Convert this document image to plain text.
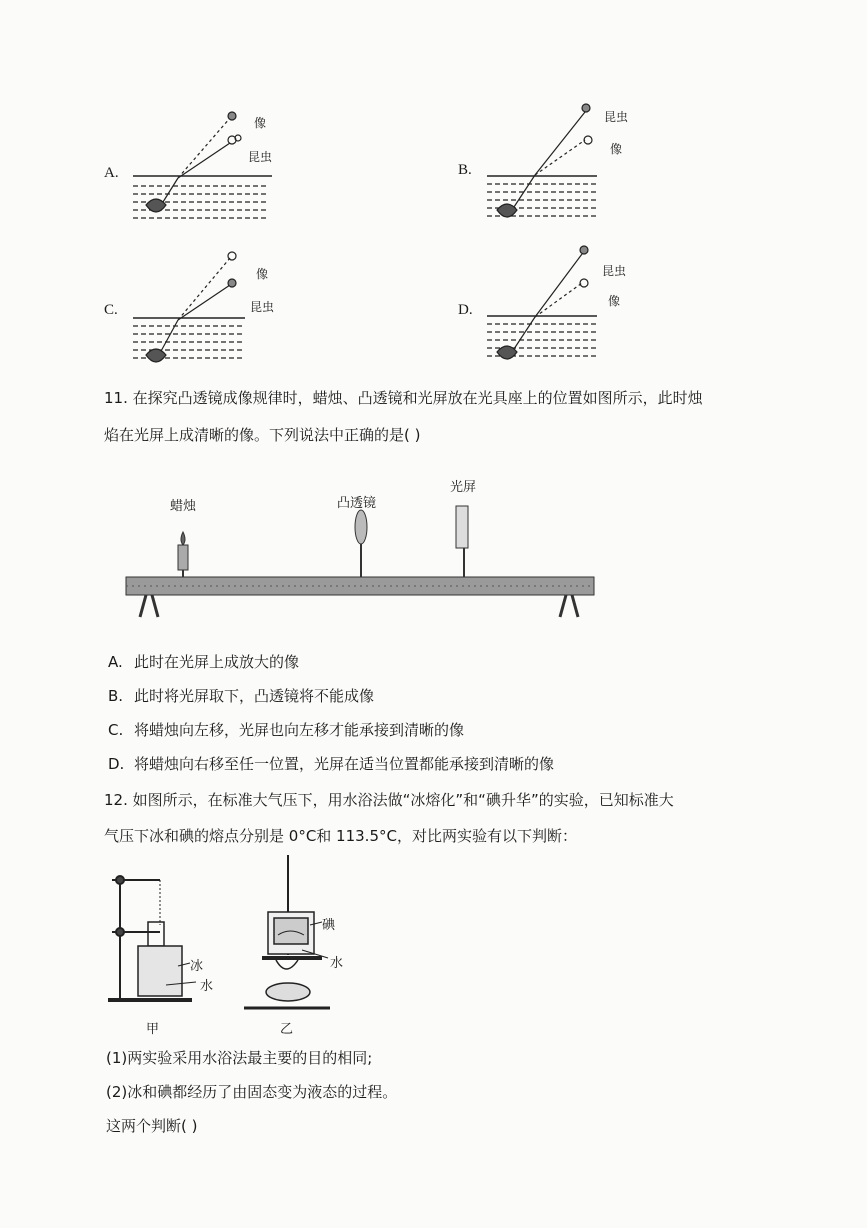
A.
像
昆虫
B.
昆虫
像
C.
像
昆虫	D.
昆虫
像
11. 在探究凸透镜成像规律时，蜡烛、凸透镜和光屏放在光具座上的位置如图所示，此时烛
焰在光屏上成清晰的像。下列说法中正确的是( )
蜡烛	凸透镜
光屏
A. 此时在光屏上成放大的像
B. 此时将光屏取下，凸透镜将不能成像
C. 将蜡烛向左移，光屏也向左移才能承接到清晰的像
D. 将蜡烛向右移至任一位置，光屏在适当位置都能承接到清晰的像
12. 如图所示，在标准大气压下，用水浴法做“冰熔化”和“碘升华”的实验，已知标准大
气压下冰和碘的熔点分别是 0°C和 113.5°C，对比两实验有以下判断：
冰
水
甲
碘
水
乙
(1)两实验采用水浴法最主要的目的相同;
(2)冰和碘都经历了由固态变为液态的过程。
这两个判断( )
